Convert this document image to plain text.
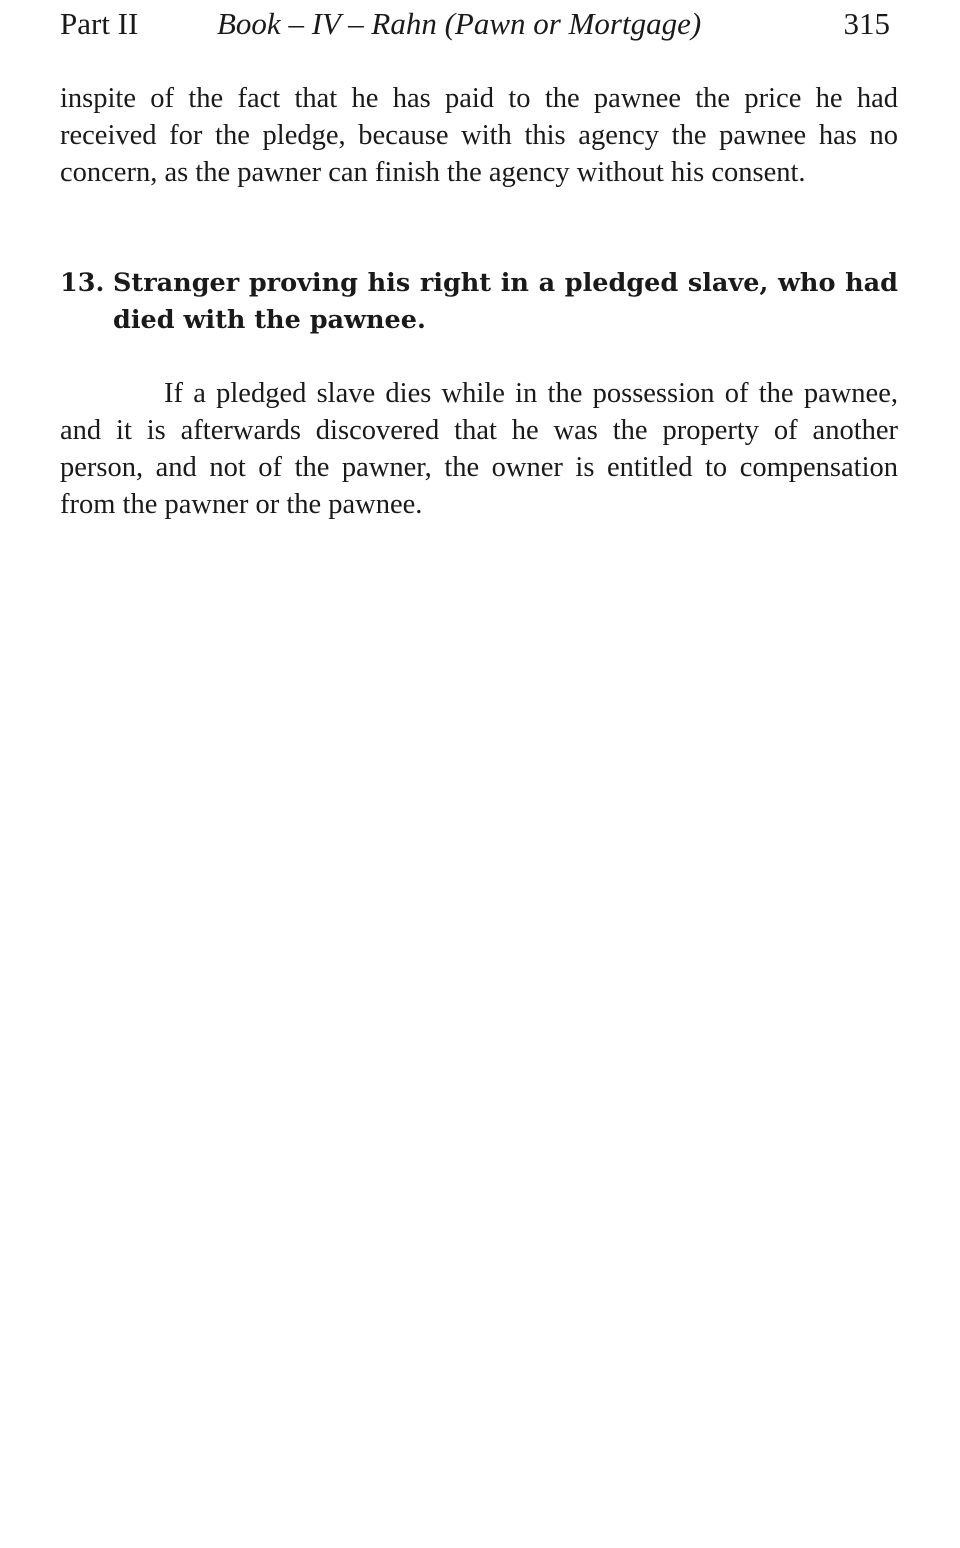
Part II	Book – IV – Rahn (Pawn or Mortgage)	315

inspite of the fact that he has paid to the pawnee the price he had received for the pledge, because with this agency the pawnee has no concern, as the pawner can finish the agency without his consent.

13. Stranger proving his right in a pledged slave, who had died with the pawnee.

If a pledged slave dies while in the possession of the pawnee, and it is afterwards discovered that he was the property of another person, and not of the pawner, the owner is entitled to compensation from the pawner or the pawnee.
